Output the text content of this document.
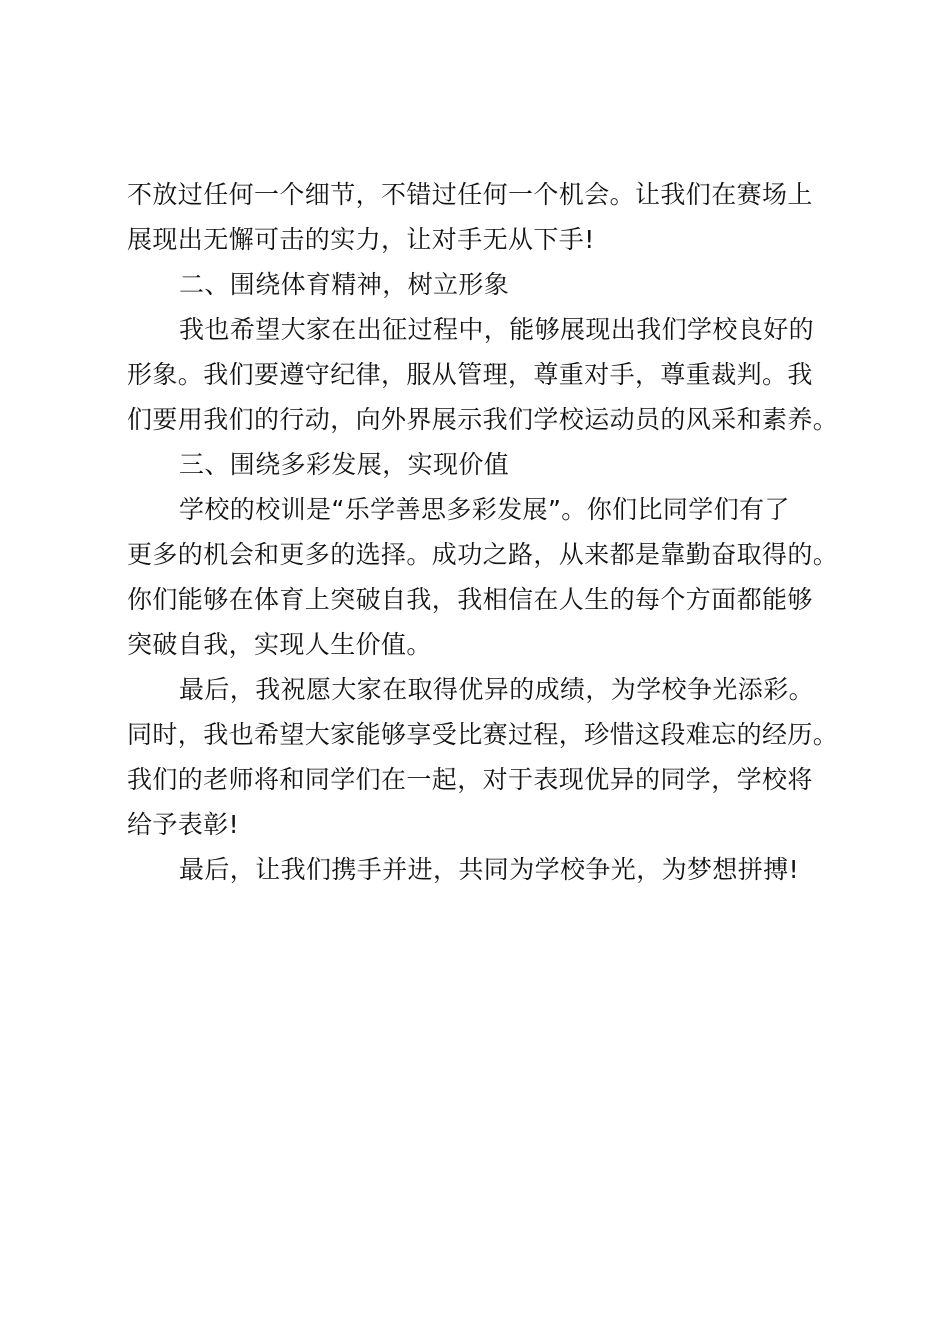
不放过任何一个细节，不错过任何一个机会。让我们在赛场上
展现出无懈可击的实力，让对手无从下手!

二、围绕体育精神，树立形象

我也希望大家在出征过程中，能够展现出我们学校良好的
形象。我们要遵守纪律，服从管理，尊重对手，尊重裁判。我
们要用我们的行动，向外界展示我们学校运动员的风采和素养。

三、围绕多彩发展，实现价值

学校的校训是“乐学善思多彩发展”。你们比同学们有了
更多的机会和更多的选择。成功之路，从来都是靠勤奋取得的。
你们能够在体育上突破自我，我相信在人生的每个方面都能够
突破自我，实现人生价值。

最后，我祝愿大家在取得优异的成绩，为学校争光添彩。
同时，我也希望大家能够享受比赛过程，珍惜这段难忘的经历。
我们的老师将和同学们在一起，对于表现优异的同学，学校将
给予表彰!

最后，让我们携手并进，共同为学校争光，为梦想拼搏!
